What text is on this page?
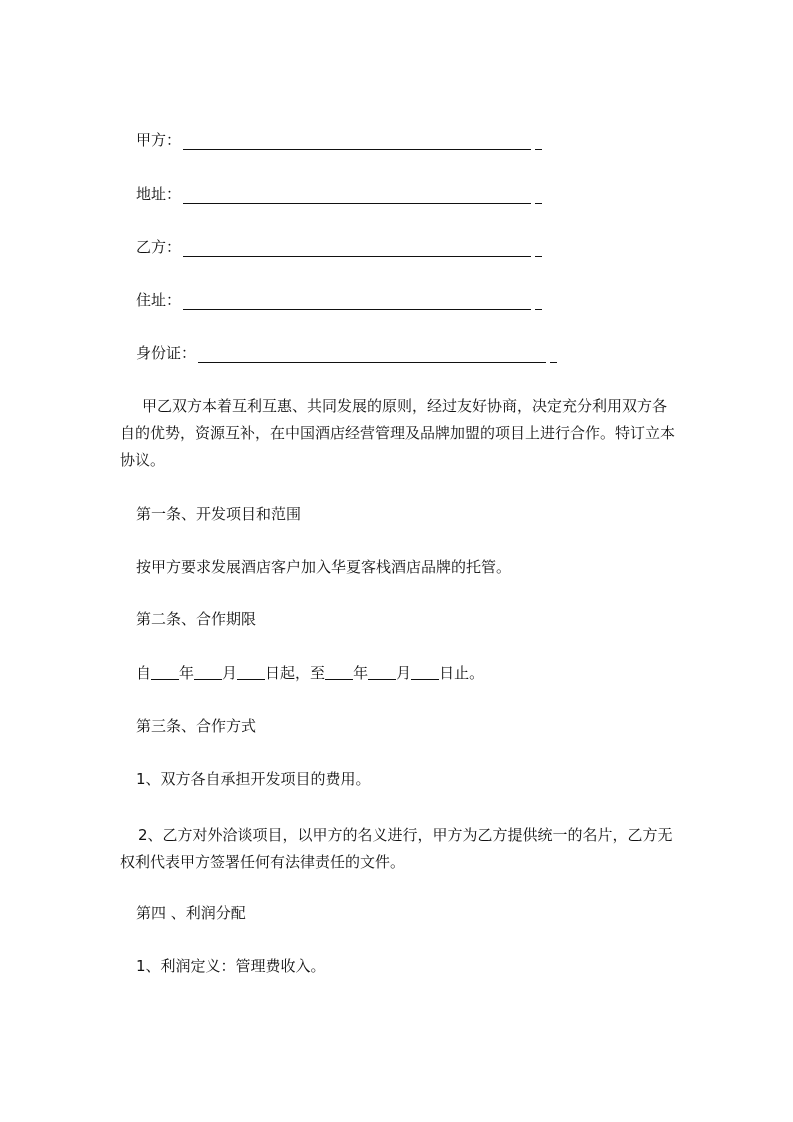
甲方：
地址：
乙方：
住址：
身份证：
甲乙双方本着互利互惠、共同发展的原则，经过友好协商，决定充分利用双方各自的优势，资源互补，在中国酒店经营管理及品牌加盟的项目上进行合作。特订立本协议。
第一条、开发项目和范围
按甲方要求发展酒店客户加入华夏客栈酒店品牌的托管。
第二条、合作期限
自 年 月 日起，至 年 月 日止。
第三条、合作方式
1、双方各自承担开发项目的费用。
2、乙方对外洽谈项目，以甲方的名义进行，甲方为乙方提供统一的名片，乙方无权利代表甲方签署任何有法律责任的文件。
第四 、利润分配
1、利润定义：管理费收入。
